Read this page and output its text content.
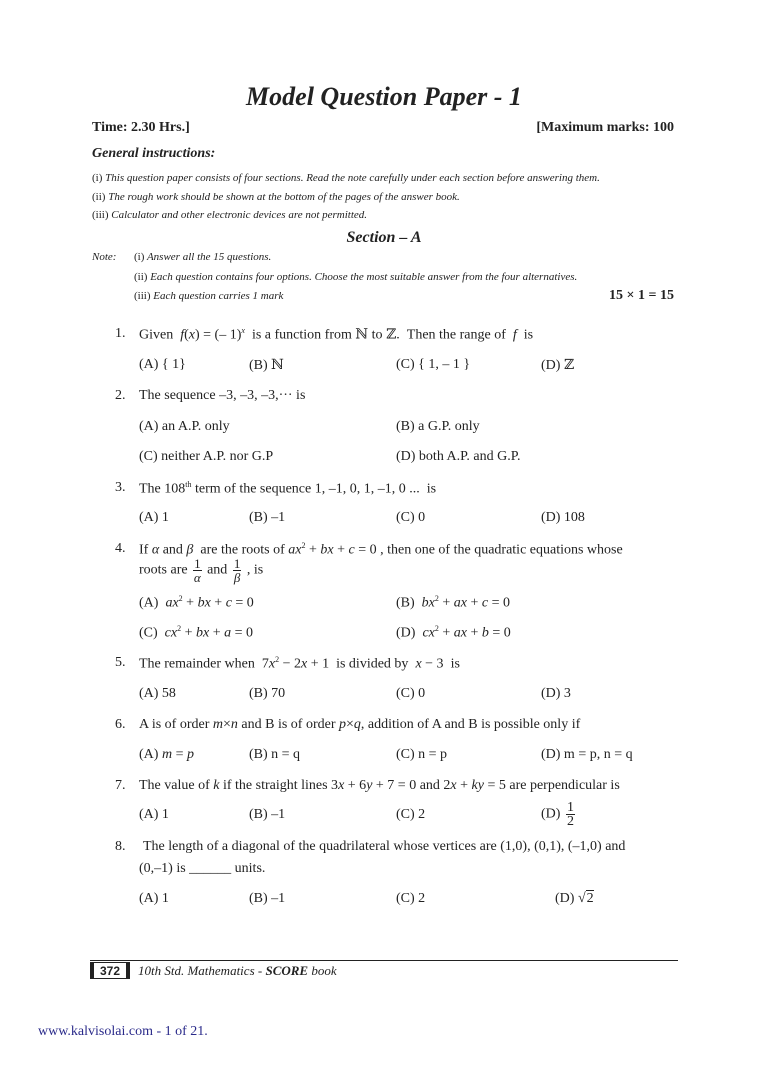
Model Question Paper - 1
Time: 2.30 Hrs.]	[Maximum marks: 100
General instructions:
(i) This question paper consists of four sections. Read the note carefully under each section before answering them.
(ii) The rough work should be shown at the bottom of the pages of the answer book.
(iii) Calculator and other electronic devices are not permitted.
Section – A
Note: (i) Answer all the 15 questions.
(ii) Each question contains four options. Choose the most suitable answer from the four alternatives.
(iii) Each question carries 1 mark	15 × 1 = 15
1. Given  f(x) = (– 1)$^x$  is a function from ℕ to ℤ.  Then the range of  f  is
(A) { 1}	(B) ℕ	(C) { 1, – 1 }	(D) ℤ
2. The sequence –3, –3, –3,··· is
(A) an A.P. only	(B) a G.P. only
(C) neither A.P. nor G.P	(D) both A.P. and G.P.
3. The 108th term of the sequence 1, –1, 0, 1, –1, 0 ...  is
(A) 1	(B) –1	(C) 0	(D) 108
4. If α and β  are the roots of $ax^2$ + bx + c = 0 , then one of the quadratic equations whose
roots are $\frac{1}{\alpha}$ and $\frac{1}{\beta}$ , is
(A)  $ax^2$ + bx + c = 0	(B)  $bx^2$ + ax + c = 0
(C)  $cx^2$ + bx + a = 0	(D)  $cx^2$ + ax + b = 0
5. The remainder when  $7x^2 - 2x + 1$  is divided by x − 3  is
(A) 58	(B) 70	(C) 0	(D) 3
6. A is of order m×n and B is of order p×q, addition of A and B is possible only if
(A) m = p	(B) n = q	(C) n = p	(D) m = p, n = q
7. The value of k if the straight lines 3x + 6y + 7 = 0 and 2x + ky = 5 are perpendicular is
(A) 1	(B) –1	(C) 2	$(D) \frac{1}{2}$
8. The length of a diagonal of the quadrilateral whose vertices are (1,0), (0,1), (–1,0) and
(0,–1) is ______ units.
(A) 1	(B) –1	(C) 2	(D) √2
372	10th Std. Mathematics - SCORE book
www.kalvisolai.com - 1 of 21.
